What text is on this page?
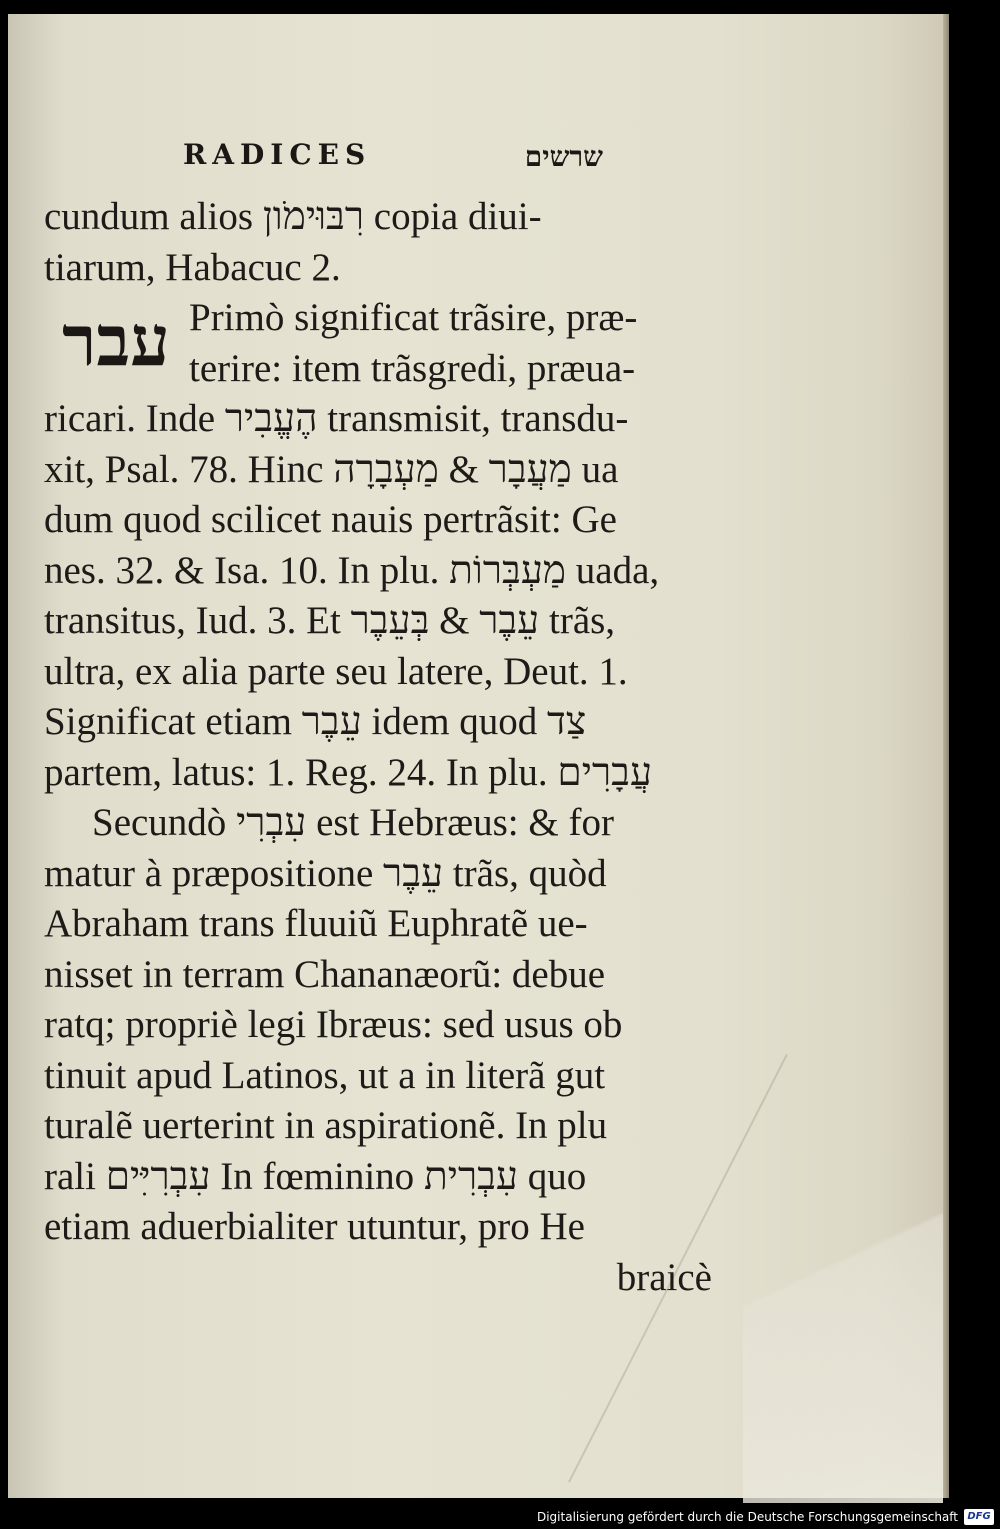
RADICES	שרשים
עבר
cundum alios רִבּוּימֹון copia diui-
tiarum, Habacuc 2.
Primò significat trãsire, præ-
terire: item trãsgredi, præua-
ricari. Inde הֶעֱבִיר transmisit, transdu-
xit, Psal. 78. Hinc מַעֲבָר & מַעְבָרָה ua
dum quod scilicet nauis pertrãsit: Ge
nes. 32. & Isa. 10. In plu. מַעְבְּרוֹת uada,
transitus, Iud. 3. Et עֵבֶר & בְּעֵבֶר trãs,
ultra, ex alia parte seu latere, Deut. 1.
Significat etiam עֵבֶר idem quod צַד
partem, latus: 1. Reg. 24. In plu. עֲבָרִים
Secundò עִבְרִי est Hebræus: & for
matur à præpositione עֵבֶר trãs, quòd
Abraham trans fluuiũ Euphratẽ ue-
nisset in terram Chananæorũ: debue
ratq; propriè legi Ibræus: sed usus ob
tinuit apud Latinos, ut a in literã gut
turalẽ uerterint in aspirationẽ. In plu
rali עִבְרִיִּים In fœminino עִבְרִית quo
etiam aduerbialiter utuntur, pro He
braicè
Digitalisierung gefördert durch die Deutsche Forschungsgemeinschaft DFG
